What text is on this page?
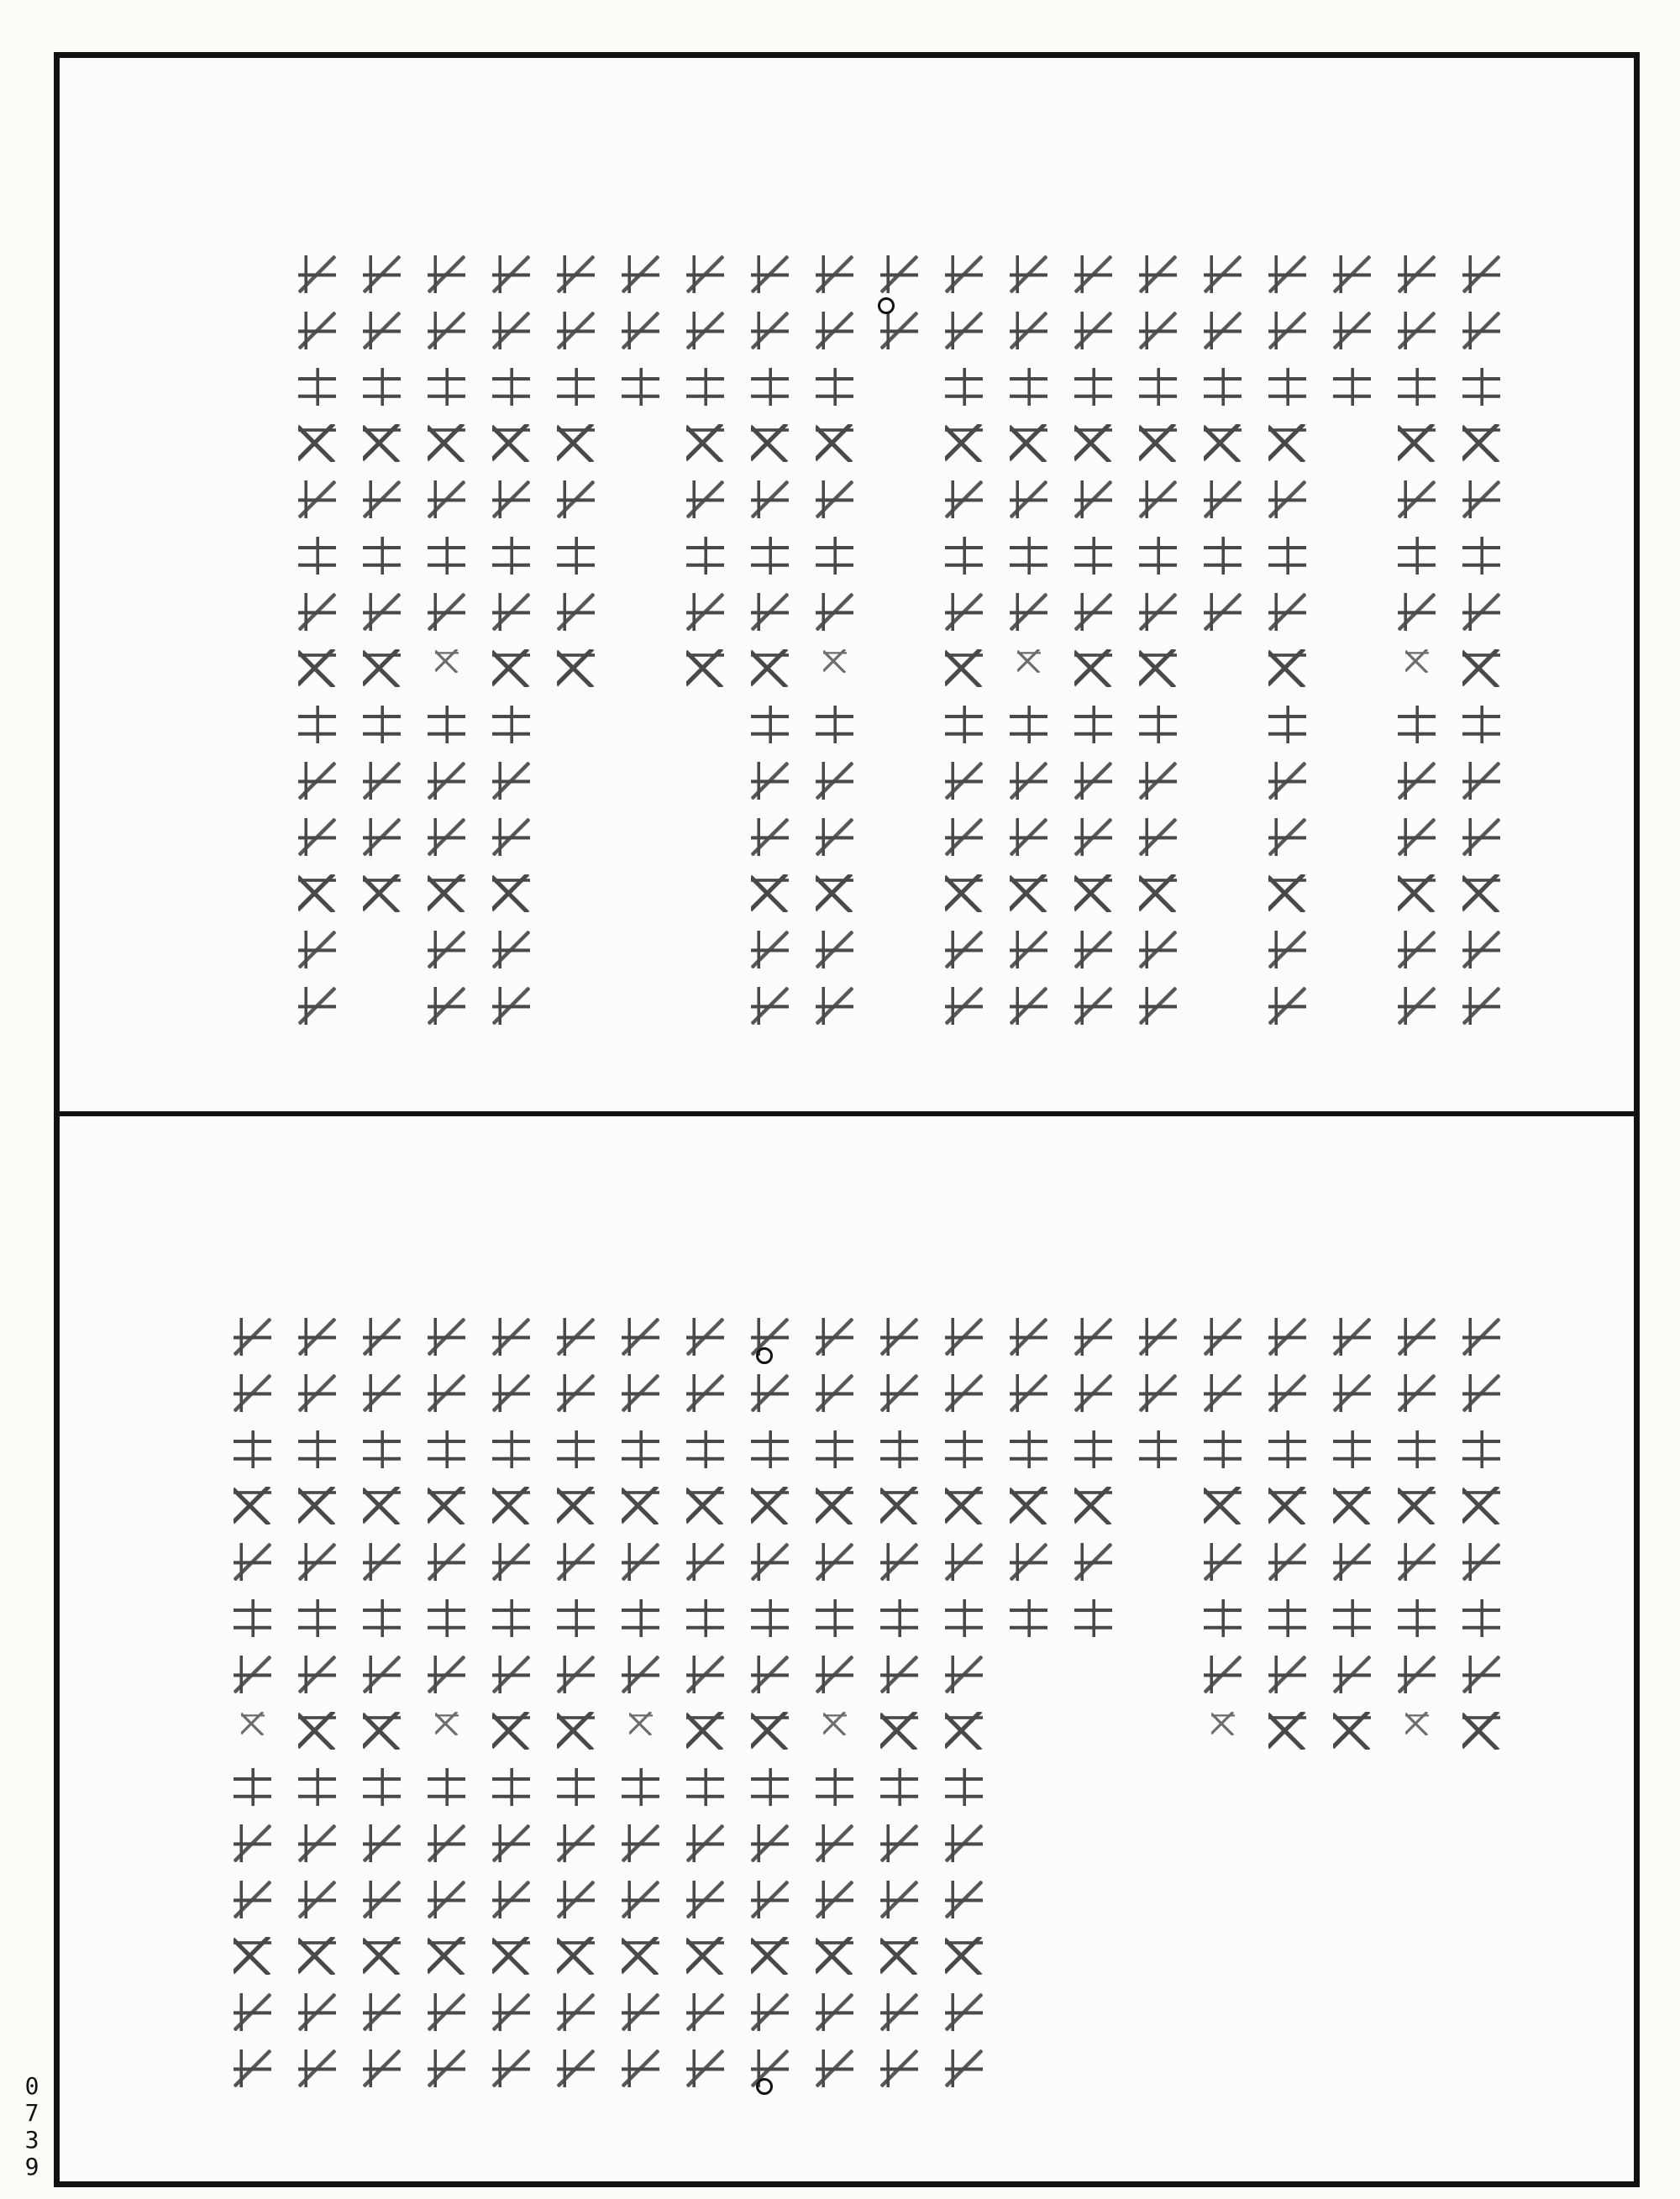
0
7
3
9
